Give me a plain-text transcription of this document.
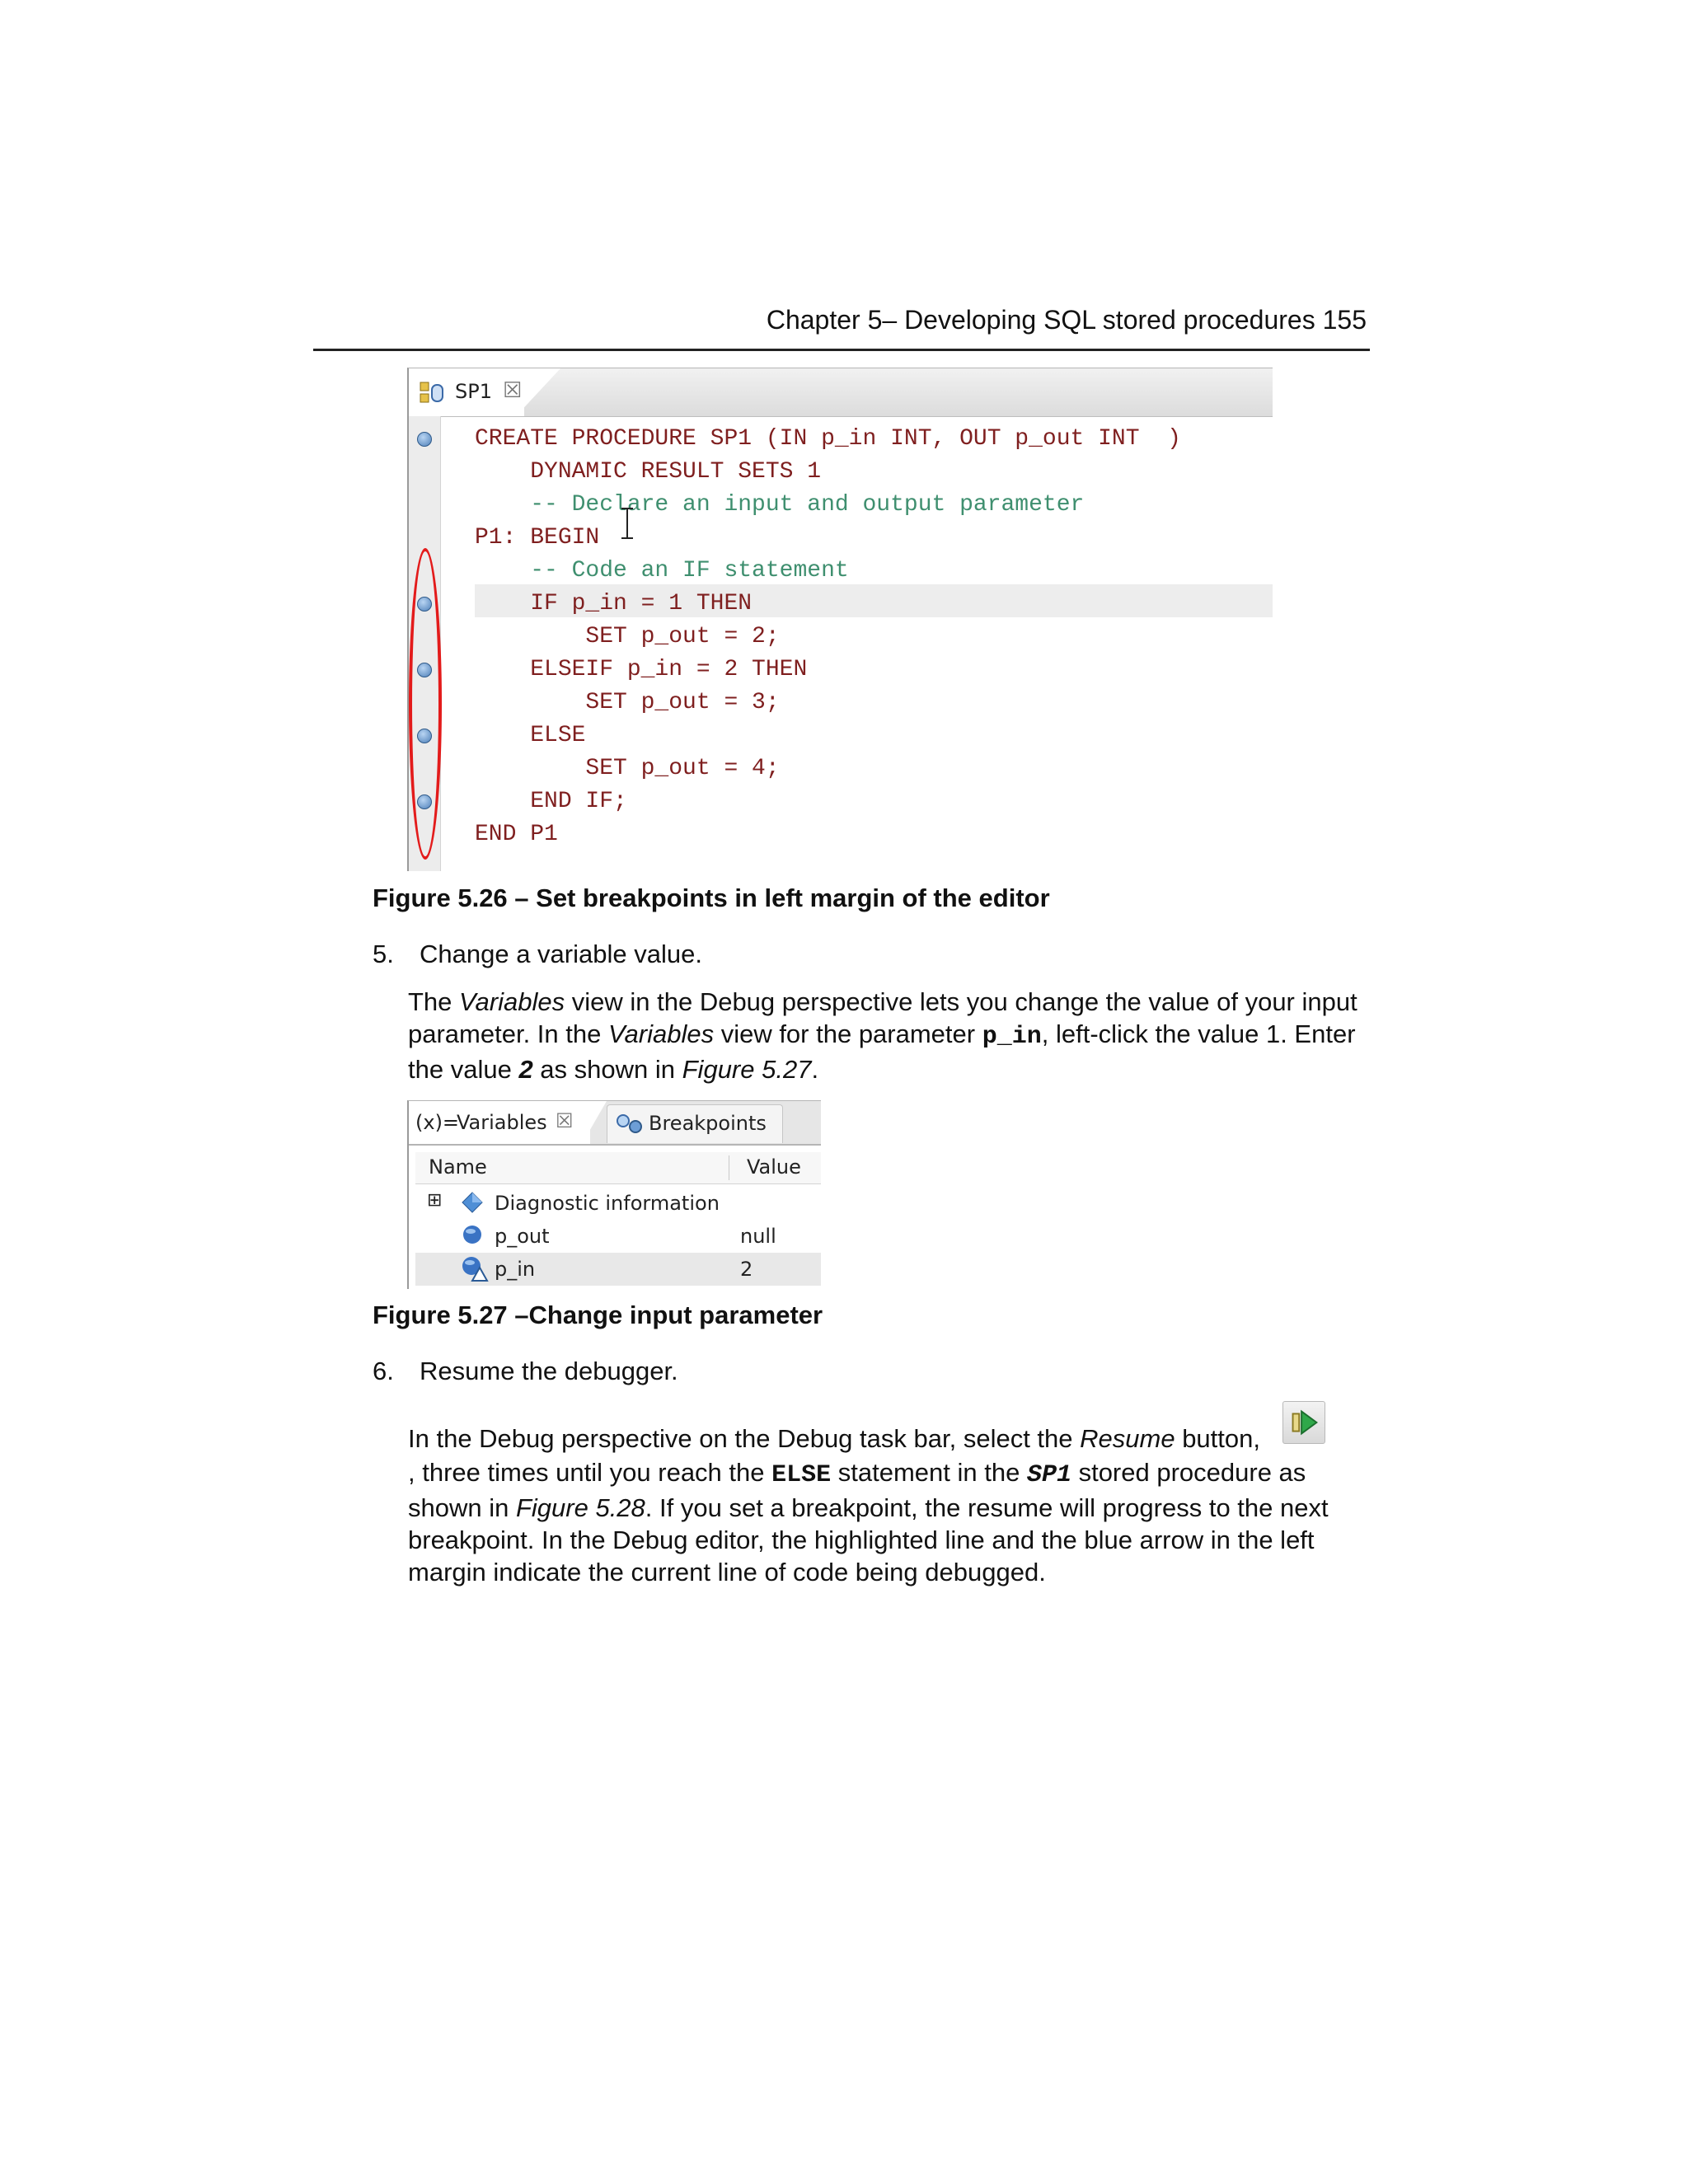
Chapter 5– Developing SQL stored procedures 155
SP1 ☒
CREATE PROCEDURE SP1 (IN p_in INT, OUT p_out INT  )
DYNAMIC RESULT SETS 1
-- Declare an input and output parameter
P1: BEGIN
-- Code an IF statement
IF p_in = 1 THEN
SET p_out = 2;
ELSEIF p_in = 2 THEN
SET p_out = 3;
ELSE
SET p_out = 4;
END IF;
END P1
Figure 5.26 – Set breakpoints in left margin of the editor
5. Change a variable value.
The Variables view in the Debug perspective lets you change the value of your input parameter. In the Variables view for the parameter p_in, left-click the value 1. Enter the value 2 as shown in Figure 5.27.
(x)=
Variables ☒	Breakpoints
Name	Value
⊞	Diagnostic information
p_out	null
p_in	2
Figure 5.27 –Change input parameter
6. Resume the debugger.
In the Debug perspective on the Debug task bar, select the Resume button,
, three times until you reach the ELSE statement in the SP1 stored procedure as shown in Figure 5.28. If you set a breakpoint, the resume will progress to the next breakpoint. In the Debug editor, the highlighted line and the blue arrow in the left margin indicate the current line of code being debugged.
